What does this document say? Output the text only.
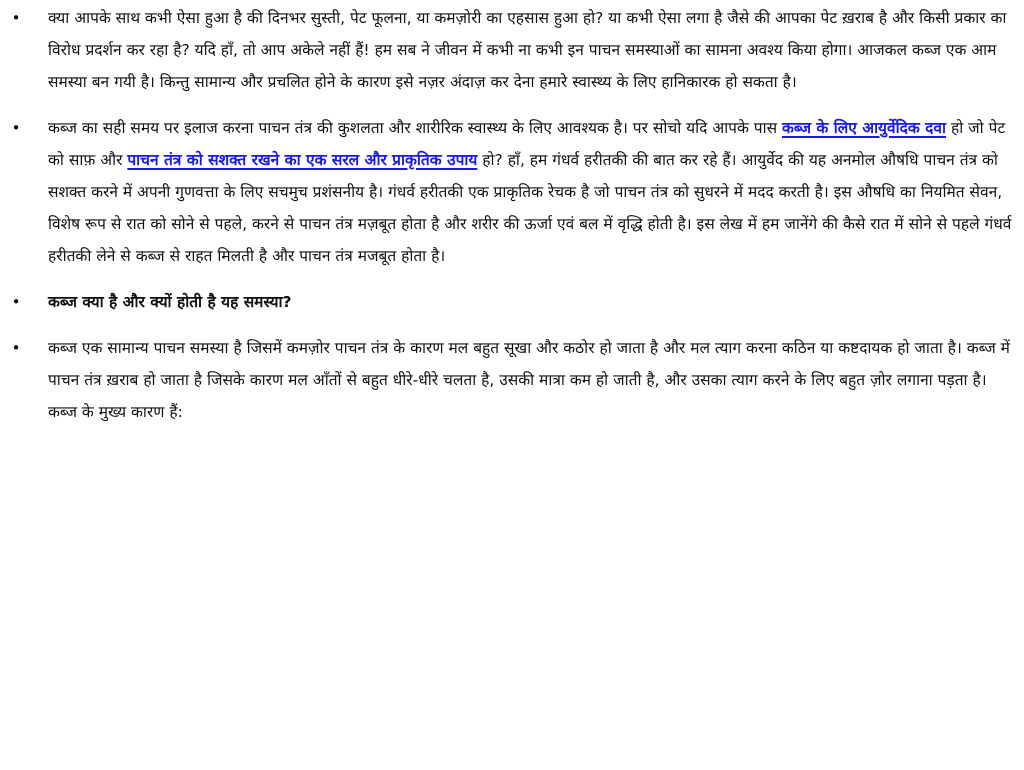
• क्या आपके साथ कभी ऐसा हुआ है की दिनभर सुस्ती, पेट फूलना, या कमज़ोरी का एहसास हुआ हो? या कभी ऐसा लगा है जैसे की आपका पेट ख़राब है और किसी प्रकार का विरोध प्रदर्शन कर रहा है? यदि हाँ, तो आप अकेले नहीं हैं! हम सब ने जीवन में कभी ना कभी इन पाचन समस्याओं का सामना अवश्य किया होगा। आजकल कब्ज एक आम समस्या बन गयी है। किन्तु सामान्य और प्रचलित होने के कारण इसे नज़र अंदाज़ कर देना हमारे स्वास्थ्य के लिए हानिकारक हो सकता है।
• कब्ज का सही समय पर इलाज करना पाचन तंत्र की कुशलता और शारीरिक स्वास्थ्य के लिए आवश्यक है। पर सोचो यदि आपके पास कब्ज के लिए आयुर्वेदिक दवा हो जो पेट को साफ़ और पाचन तंत्र को सशक्त रखने का एक सरल और प्राकृतिक उपाय हो? हाँ, हम गंधर्व हरीतकी की बात कर रहे हैं। आयुर्वेद की यह अनमोल औषधि पाचन तंत्र को सशक्त करने में अपनी गुणवत्ता के लिए सचमुच प्रशंसनीय है। गंधर्व हरीतकी एक प्राकृतिक रेचक है जो पाचन तंत्र को सुधरने में मदद करती है। इस औषधि का नियमित सेवन, विशेष रूप से रात को सोने से पहले, करने से पाचन तंत्र मज़बूत होता है और शरीर की ऊर्जा एवं बल में वृद्धि होती है। इस लेख में हम जानेंगे की कैसे रात में सोने से पहले गंधर्व हरीतकी लेने से कब्ज से राहत मिलती है और पाचन तंत्र मजबूत होता है।
• कब्ज क्या है और क्यों होती है यह समस्या?
• कब्ज एक सामान्य पाचन समस्या है जिसमें कमज़ोर पाचन तंत्र के कारण मल बहुत सूखा और कठोर हो जाता है और मल त्याग करना कठिन या कष्टदायक हो जाता है। कब्ज में पाचन तंत्र ख़राब हो जाता है जिसके कारण मल आँतों से बहुत धीरे-धीरे चलता है, उसकी मात्रा कम हो जाती है, और उसका त्याग करने के लिए बहुत ज़ोर लगाना पड़ता है। कब्ज के मुख्य कारण हैं:
